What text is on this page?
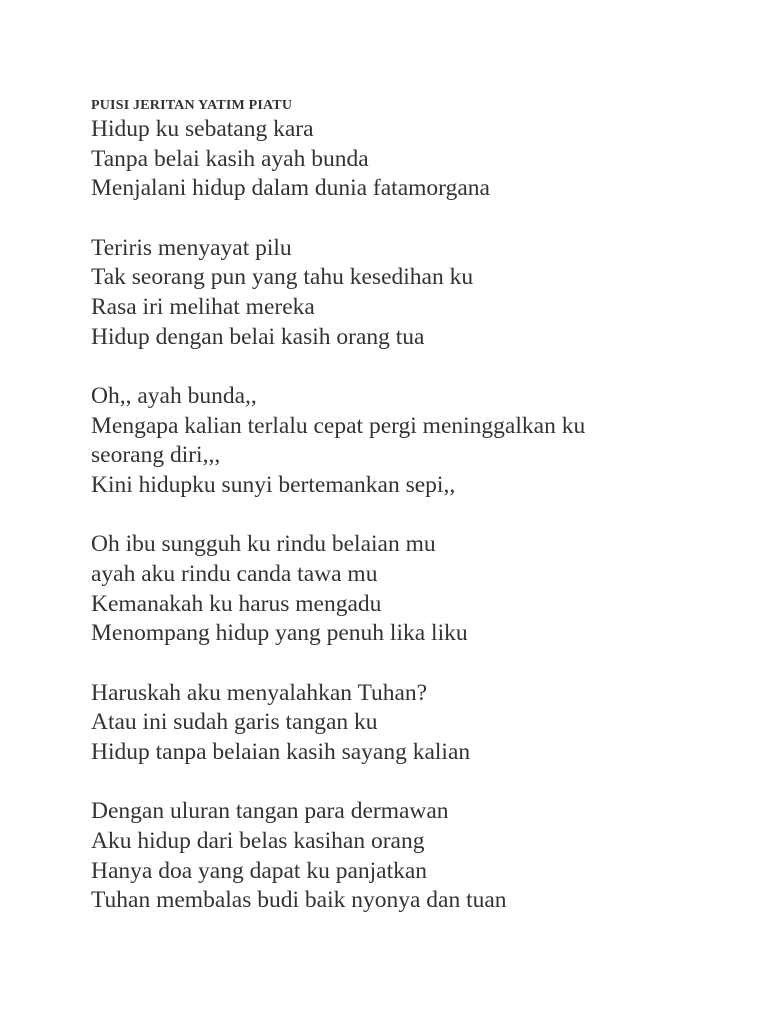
PUISI JERITAN YATIM PIATU
Hidup ku sebatang kara
Tanpa belai kasih ayah bunda
Menjalani hidup dalam dunia fatamorgana
Teriris menyayat pilu
Tak seorang pun yang tahu kesedihan ku
Rasa iri melihat mereka
Hidup dengan belai kasih orang tua
Oh,, ayah bunda,,
Mengapa kalian terlalu cepat pergi meninggalkan ku
seorang diri,,,
Kini hidupku sunyi bertemankan sepi,,
Oh ibu sungguh ku rindu belaian mu
ayah aku rindu canda tawa mu
Kemanakah ku harus mengadu
Menompang hidup yang penuh lika liku
Haruskah aku menyalahkan Tuhan?
Atau ini sudah garis tangan ku
Hidup tanpa belaian kasih sayang kalian
Dengan uluran tangan para dermawan
Aku hidup dari belas kasihan orang
Hanya doa yang dapat ku panjatkan
Tuhan membalas budi baik nyonya dan tuan
